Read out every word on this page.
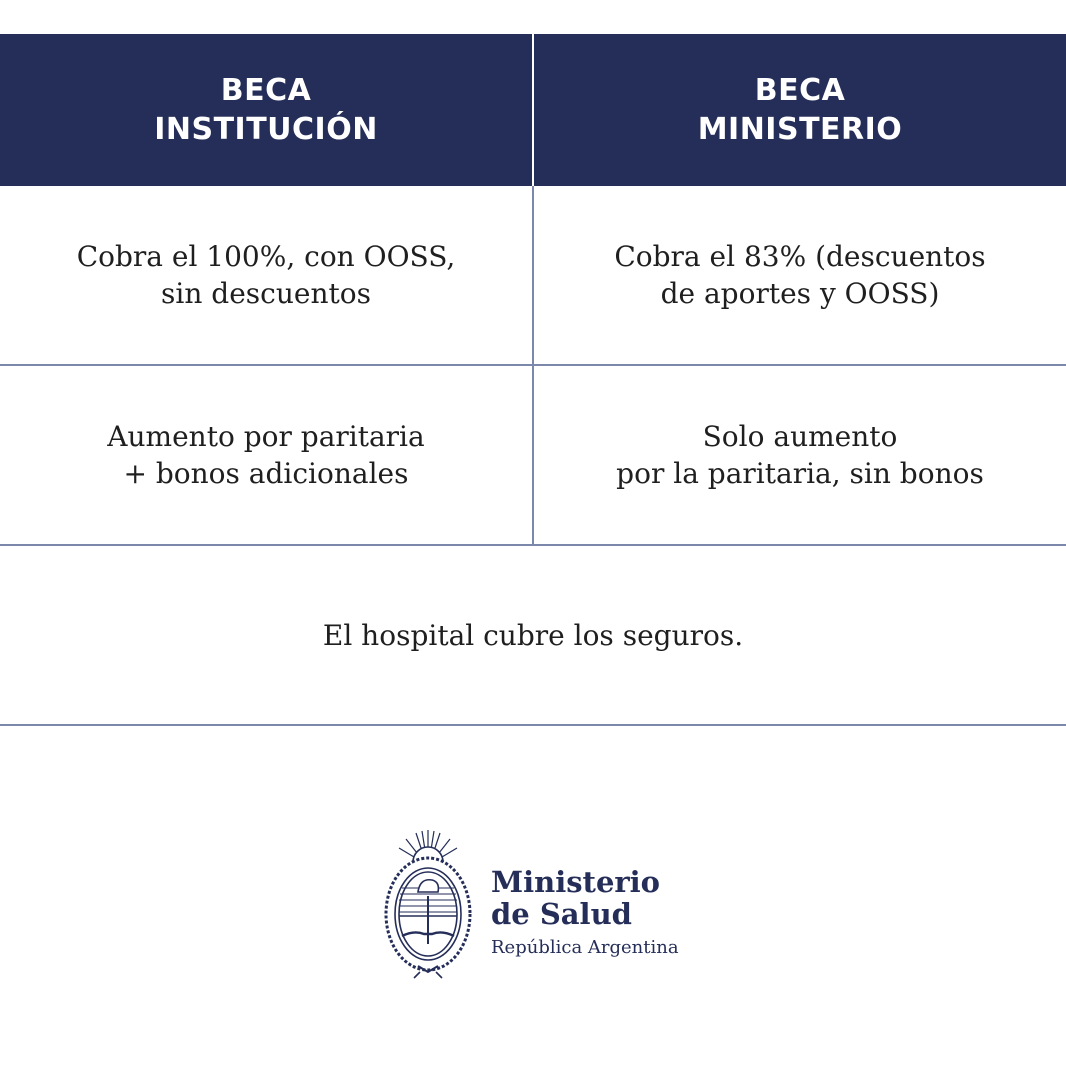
BECA
INSTITUCIÓN
BECA
MINISTERIO
Cobra el 100%, con OOSS,
sin descuentos
Cobra el 83% (descuentos
de aportes y OOSS)
Aumento por paritaria
+ bonos adicionales
Solo aumento
por la paritaria, sin bonos
El hospital cubre los seguros.
Ministerio
de Salud
República Argentina
